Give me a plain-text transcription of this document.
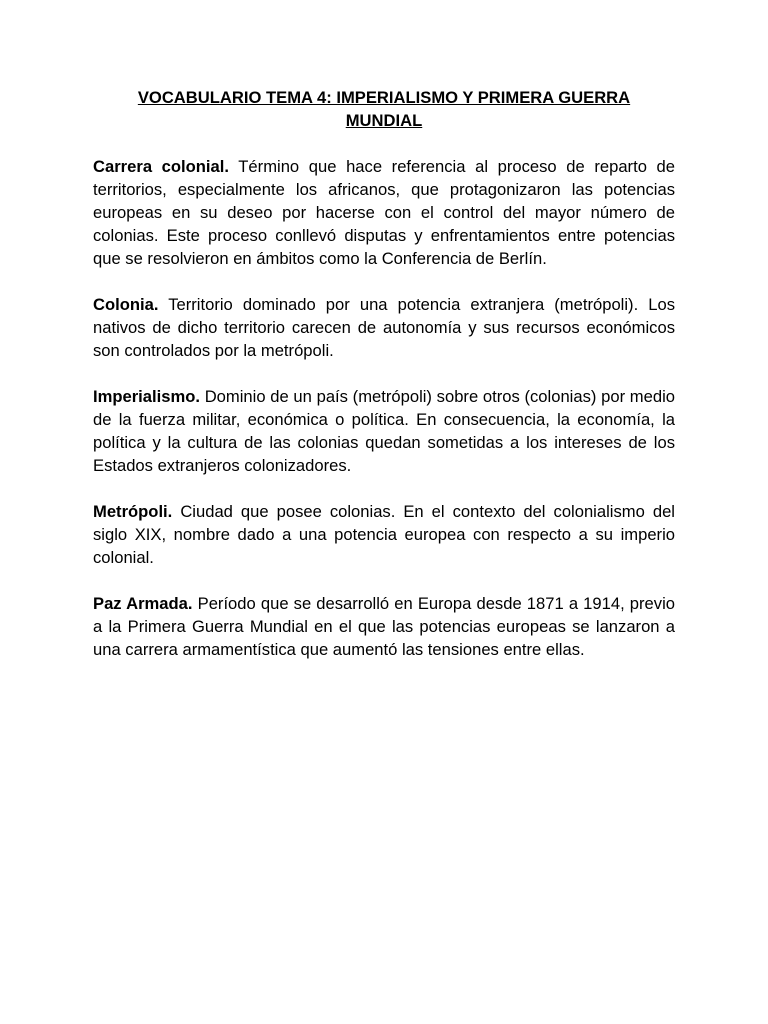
VOCABULARIO TEMA 4: IMPERIALISMO Y PRIMERA GUERRA MUNDIAL

Carrera colonial. Término que hace referencia al proceso de reparto de territorios, especialmente los africanos, que protagonizaron las potencias europeas en su deseo por hacerse con el control del mayor número de colonias. Este proceso conllevó disputas y enfrentamientos entre potencias que se resolvieron en ámbitos como la Conferencia de Berlín.

Colonia. Territorio dominado por una potencia extranjera (metrópoli). Los nativos de dicho territorio carecen de autonomía y sus recursos económicos son controlados por la metrópoli.

Imperialismo. Dominio de un país (metrópoli) sobre otros (colonias) por medio de la fuerza militar, económica o política. En consecuencia, la economía, la política y la cultura de las colonias quedan sometidas a los intereses de los Estados extranjeros colonizadores.

Metrópoli. Ciudad que posee colonias. En el contexto del colonialismo del siglo XIX, nombre dado a una potencia europea con respecto a su imperio colonial.

Paz Armada. Período que se desarrolló en Europa desde 1871 a 1914, previo a la Primera Guerra Mundial en el que las potencias europeas se lanzaron a una carrera armamentística que aumentó las tensiones entre ellas.
